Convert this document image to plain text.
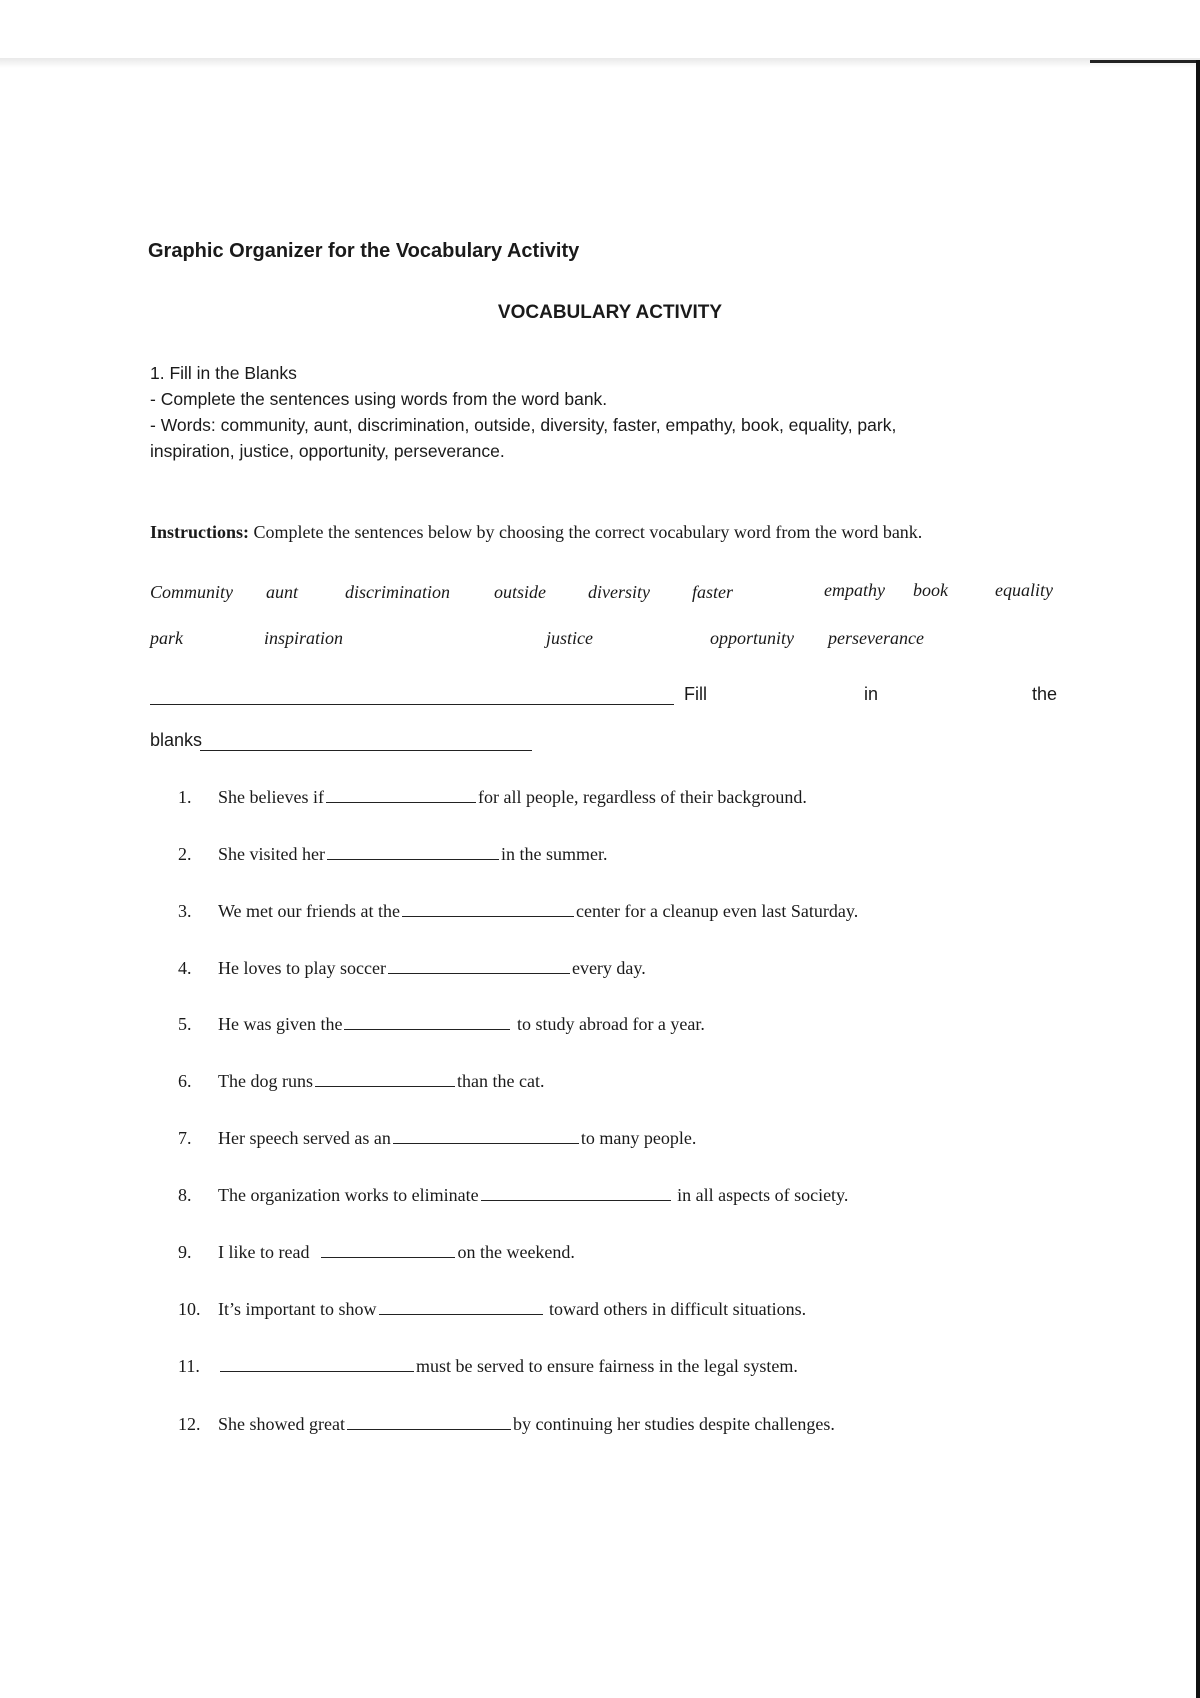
Graphic Organizer for the Vocabulary Activity
VOCABULARY ACTIVITY
1. Fill in the Blanks
- Complete the sentences using words from the word bank.
- Words: community, aunt, discrimination, outside, diversity, faster, empathy, book, equality, park,
inspiration, justice, opportunity, perseverance.
Instructions: Complete the sentences below by choosing the correct vocabulary word from the word bank.
Community aunt	discrimination outside diversity faster	empathy book	equality
park	inspiration	justice	opportunity perseverance
Fill	in	the
blanks
1. She believes if	for all people, regardless of their background.
2. She visited her	in the summer.
3. We met our friends at the	center for a cleanup even last Saturday.
4. He loves to play soccer	every day.
5. He was given the	to study abroad for a year.
6. The dog runs	than the cat.
7. Her speech served as an	to many people.
8. The organization works to eliminate	in all aspects of society.
9. I like to read	on the weekend.
10. It’s important to show	toward others in difficult situations.
11.	must be served to ensure fairness in the legal system.
12. She showed great	by continuing her studies despite challenges.
